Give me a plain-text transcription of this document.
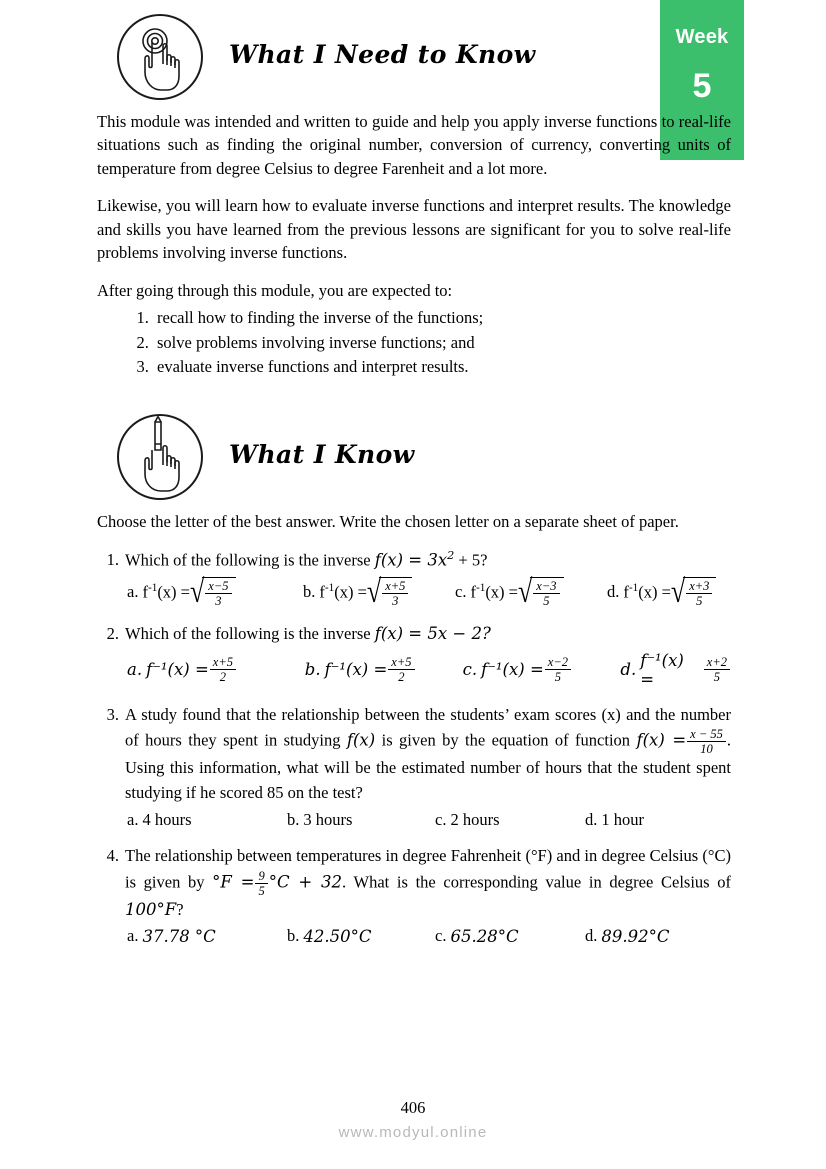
Week
5
What I Need to Know

This module was intended and written to guide and help you apply inverse functions to real-life situations such as finding the original number, conversion of currency, converting units of temperature from degree Celsius to degree Farenheit and a lot more.

Likewise, you will learn how to evaluate inverse functions and interpret results. The knowledge and skills you have learned from the previous lessons are significant for you to solve real-life problems involving inverse functions.

After going through this module, you are expected to:

1. recall how to finding the inverse of the functions;
2. solve problems involving inverse functions; and
3. evaluate inverse functions and interpret results.
What I Know

Choose the letter of the best answer. Write the chosen letter on a separate sheet of paper.

1. Which of the following is the inverse $f(x) = 3x^2 + 5$?
a. $f^{-1}(x)$ = √ $\frac{x-5}{3}$	b. $f^{-1}(x)$ = √ $\frac{x+5}{3}$	c. $f^{-1}(x)$ = √ $\frac{x-3}{5}$	d. $f^{-1}(x)$ = √ $\frac{x+3}{5}$
2. Which of the following is the inverse f(x) = 5x − 2?
a. $f^{-1}(x) = \frac{x+5}{2}$	b. $f^{-1}(x) = \frac{x+5}{2}$	c. $f^{-1}(x) = \frac{x-2}{5}$	d. f⁻¹(x) =	$\frac{x+2}{5}$
3. A study found that the relationship between the students’ exam scores (x) and the number of hours they spent in studying f(x) is given by the equation of function $f(x) = \frac{x - 55}{10}$ . Using this information, what will be the estimated number of hours that the student spent studying if he scored 85 on the test?
a. 4 hours	b. 3 hours	c. 2 hours	d. 1 hour
4. The relationship between temperatures in degree Fahrenheit (°F) and in degree Celsius (°C) is given by $^\circ F = \frac{9}{5} ^\circ C + 32$. What is the corresponding value in degree Celsius of 100°F?
a. 37.78 °C	b. 42.50°C	c. 65.28°C	d. 89.92°C
406
www.modyul.online
